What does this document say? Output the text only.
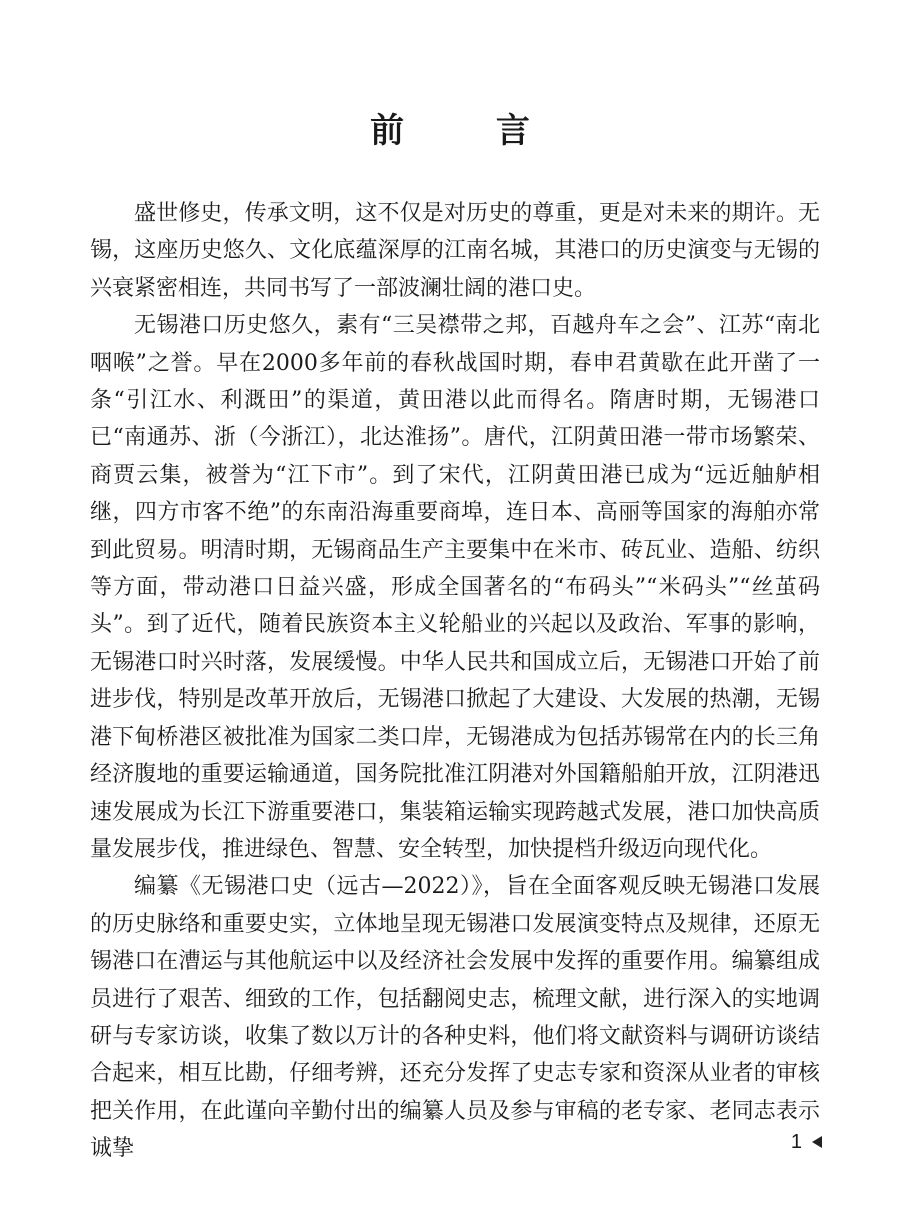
前 言

盛世修史，传承文明，这不仅是对历史的尊重，更是对未来的期许。无锡，这座历史悠久、文化底蕴深厚的江南名城，其港口的历史演变与无锡的兴衰紧密相连，共同书写了一部波澜壮阔的港口史。

无锡港口历史悠久，素有“三吴襟带之邦，百越舟车之会”、江苏“南北咽喉”之誉。早在2000多年前的春秋战国时期，春申君黄歇在此开凿了一条“引江水、利溉田”的渠道，黄田港以此而得名。隋唐时期，无锡港口已“南通苏、浙（今浙江），北达淮扬”。唐代，江阴黄田港一带市场繁荣、商贾云集，被誉为“江下市”。到了宋代，江阴黄田港已成为“远近舳舻相继，四方市客不绝”的东南沿海重要商埠，连日本、高丽等国家的海舶亦常到此贸易。明清时期，无锡商品生产主要集中在米市、砖瓦业、造船、纺织等方面，带动港口日益兴盛，形成全国著名的“布码头”“米码头”“丝茧码头”。到了近代，随着民族资本主义轮船业的兴起以及政治、军事的影响，无锡港口时兴时落，发展缓慢。中华人民共和国成立后，无锡港口开始了前进步伐，特别是改革开放后，无锡港口掀起了大建设、大发展的热潮，无锡港下甸桥港区被批准为国家二类口岸，无锡港成为包括苏锡常在内的长三角经济腹地的重要运输通道，国务院批准江阴港对外国籍船舶开放，江阴港迅速发展成为长江下游重要港口，集装箱运输实现跨越式发展，港口加快高质量发展步伐，推进绿色、智慧、安全转型，加快提档升级迈向现代化。

编纂《无锡港口史（远古—2022）》，旨在全面客观反映无锡港口发展的历史脉络和重要史实，立体地呈现无锡港口发展演变特点及规律，还原无锡港口在漕运与其他航运中以及经济社会发展中发挥的重要作用。编纂组成员进行了艰苦、细致的工作，包括翻阅史志，梳理文献，进行深入的实地调研与专家访谈，收集了数以万计的各种史料，他们将文献资料与调研访谈结合起来，相互比勘，仔细考辨，还充分发挥了史志专家和资深从业者的审核把关作用，在此谨向辛勤付出的编纂人员及参与审稿的老专家、老同志表示诚挚	1
